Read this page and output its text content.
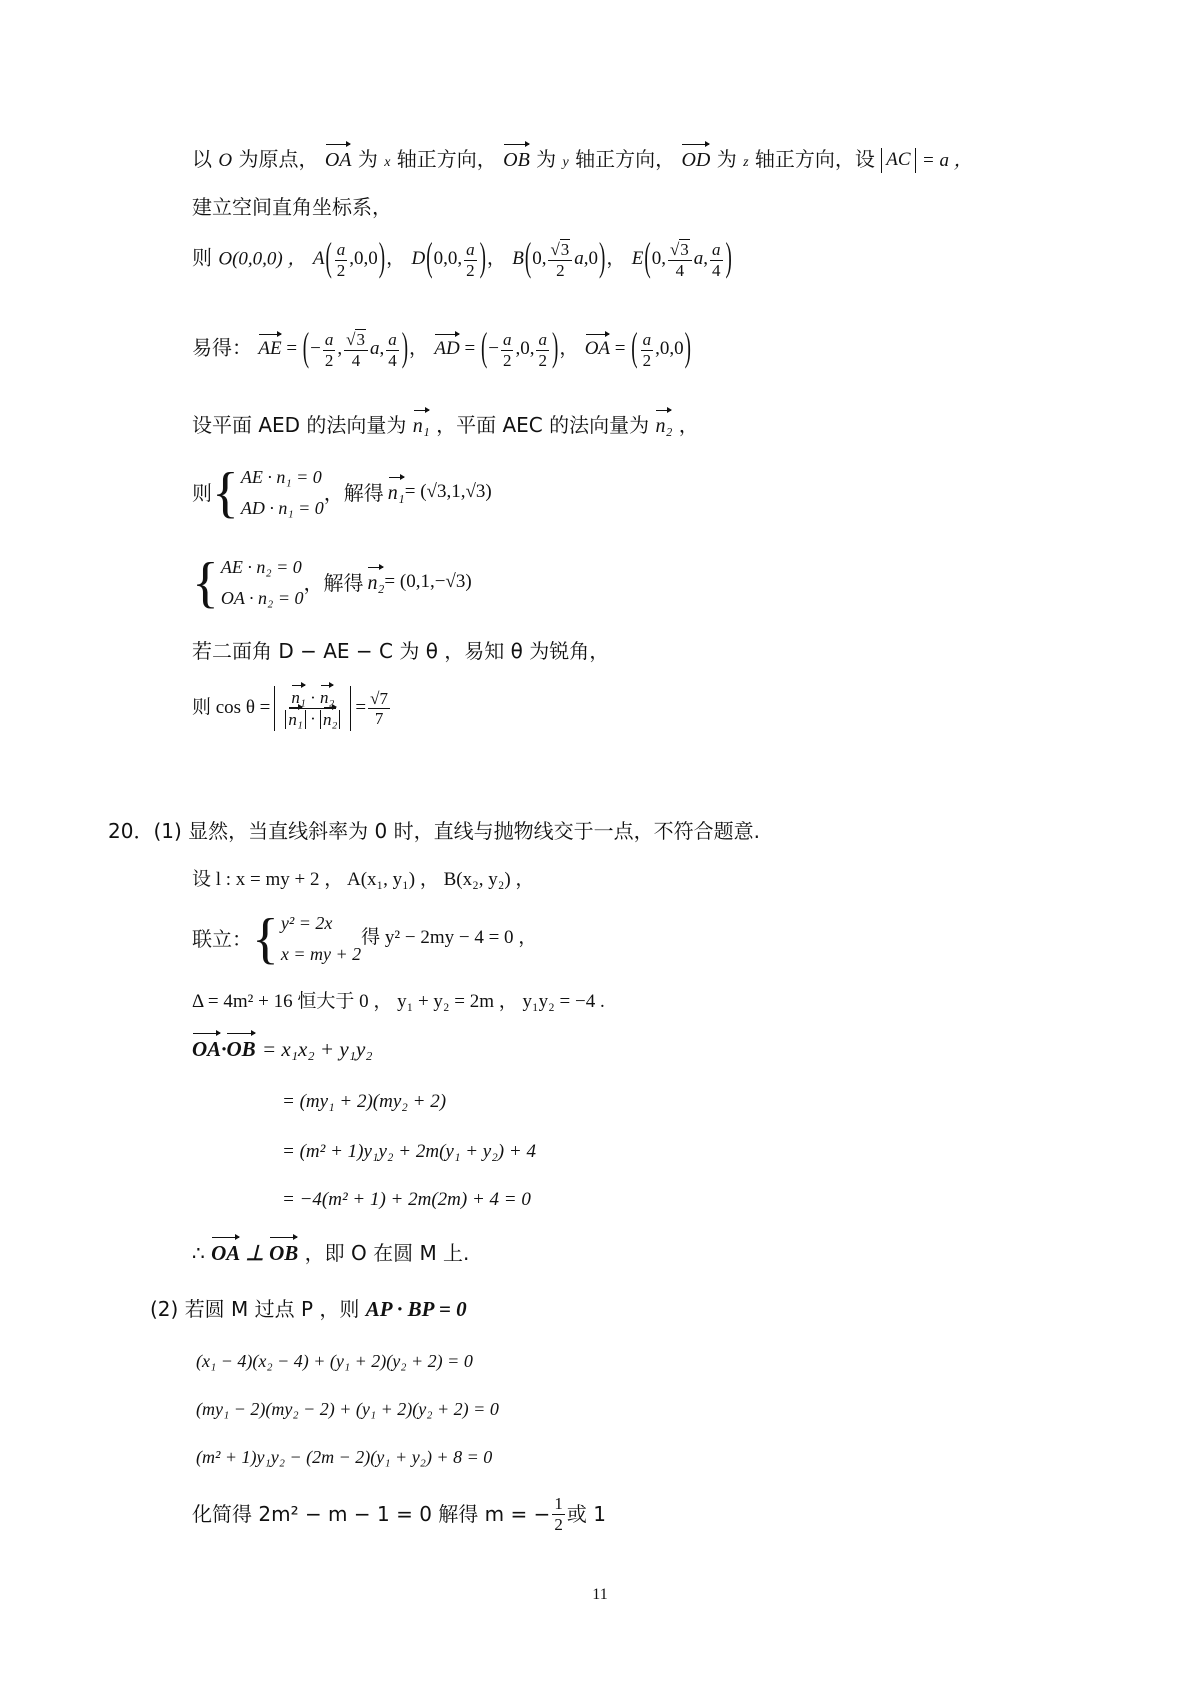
以 O 为原点， OA 为 x 轴正方向， OB 为 y 轴正方向， OD 为 z 轴正方向，设 AC = a ，
建立空间直角坐标系，
则 O(0,0,0) ， $A( \frac{a}{2} ,0,0)$， D(0,0, $\frac{a}{2}$ )， B(0, $\frac{√3}{2} a,0$)， E(0, $\frac{√3}{4} a$, $\frac{a}{4}$ )
易得： AE = (− $\frac{a}{2}$ , $\frac{√3}{4} a$, $\frac{a}{4}$ )， AD = (− $\frac{a}{2} ,0$, $\frac{a}{2}$ )， OA = ( $\frac{a}{2} ,0,0$)
设平面 AED 的法向量为 n₁ ，平面 AEC 的法向量为 n₂ ，
则 { AE · n₁ = 0
AD · n₁ = 0
，解得 n₁ = (√3,1,√3)
{ AE · n₂ = 0
OA · n₂ = 0
，解得 n₂ = (0,1,−√3)
若二面角 D − AE − C 为 θ ，易知 θ 为锐角，
则 $\cos \theta = \frac{\text{n₁ · n₂}}{\text{n₁ · n₂}} = \frac{√7}{7}$
20．(1) 显然，当直线斜率为 0 时，直线与抛物线交于一点，不符合题意.
设 l : x = my + 2 ， A(x₁, y₁) ， B(x₂, y₂) ，
联立： { y² = 2x
x = my + 2
得 y² − 2my − 4 = 0 ，
Δ = 4m² + 16 恒大于 0 ， y₁ + y₂ = 2m ， y₁y₂ = −4 .
OA·OB = x₁x₂ + y₁y₂
= (my₁ + 2)(my₂ + 2)
= (m² + 1)y₁y₂ + 2m(y₁ + y₂) + 4
= −4(m² + 1) + 2m(2m) + 4 = 0
∴ OA ⊥ OB ，即 O 在圆 M 上.
(2) 若圆 M 过点 P ，则 AP · BP = 0
(x₁ − 4)(x₂ − 4) + (y₁ + 2)(y₂ + 2) = 0
(my₁ − 2)(my₂ − 2) + (y₁ + 2)(y₂ + 2) = 0
(m² + 1)y₁y₂ − (2m − 2)(y₁ + y₂) + 8 = 0
化简得 2m² − m − 1 = 0 解得 m = − $\frac{1}{2}$ 或 1
11
